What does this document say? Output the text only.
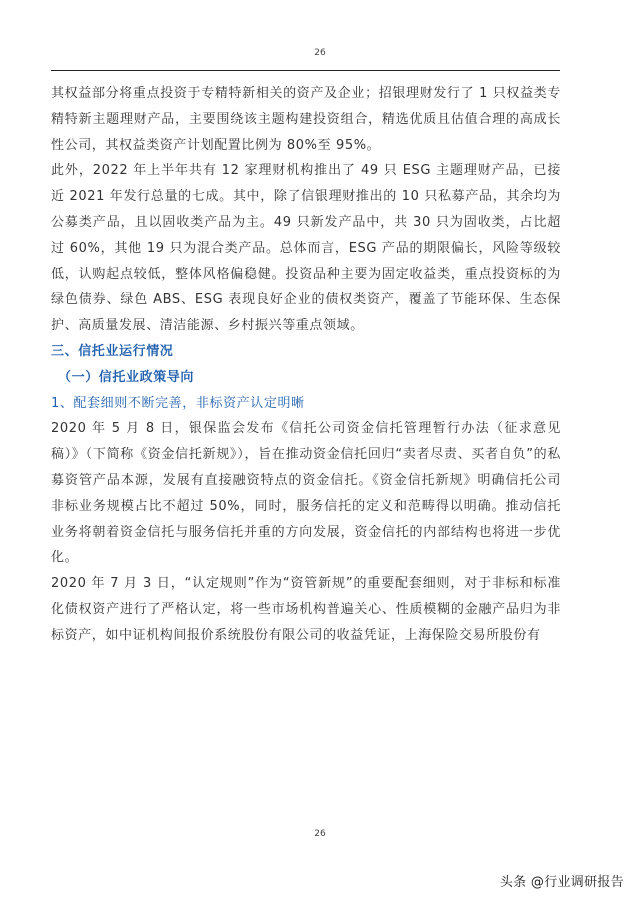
26

其权益部分将重点投资于专精特新相关的资产及企业；招银理财发行了 1 只权益类专精特新主题理财产品，主要围绕该主题构建投资组合，精选优质且估值合理的高成长性公司，其权益类资产计划配置比例为 80%至 95%。

此外，2022 年上半年共有 12 家理财机构推出了 49 只 ESG 主题理财产品，已接近 2021 年发行总量的七成。其中，除了信银理财推出的 10 只私募产品，其余均为公募类产品，且以固收类产品为主。49 只新发产品中，共 30 只为固收类，占比超过 60%，其他 19 只为混合类产品。总体而言，ESG 产品的期限偏长，风险等级较低，认购起点较低，整体风格偏稳健。投资品种主要为固定收益类，重点投资标的为绿色债券、绿色 ABS、ESG 表现良好企业的债权类资产，覆盖了节能环保、生态保护、高质量发展、清洁能源、乡村振兴等重点领域。

三、信托业运行情况

（一）信托业政策导向

1、配套细则不断完善，非标资产认定明晰

2020 年 5 月 8 日，银保监会发布《信托公司资金信托管理暂行办法（征求意见稿）》（下简称《资金信托新规》），旨在推动资金信托回归“卖者尽责、买者自负”的私募资管产品本源，发展有直接融资特点的资金信托。《资金信托新规》明确信托公司非标业务规模占比不超过 50%，同时，服务信托的定义和范畴得以明确。推动信托业务将朝着资金信托与服务信托并重的方向发展，资金信托的内部结构也将进一步优化。

2020 年 7 月 3 日，“认定规则”作为“资管新规”的重要配套细则，对于非标和标准化债权资产进行了严格认定，将一些市场机构普遍关心、性质模糊的金融产品归为非标资产，如中证机构间报价系统股份有限公司的收益凭证，上海保险交易所股份有

26
头条 @行业调研报告
